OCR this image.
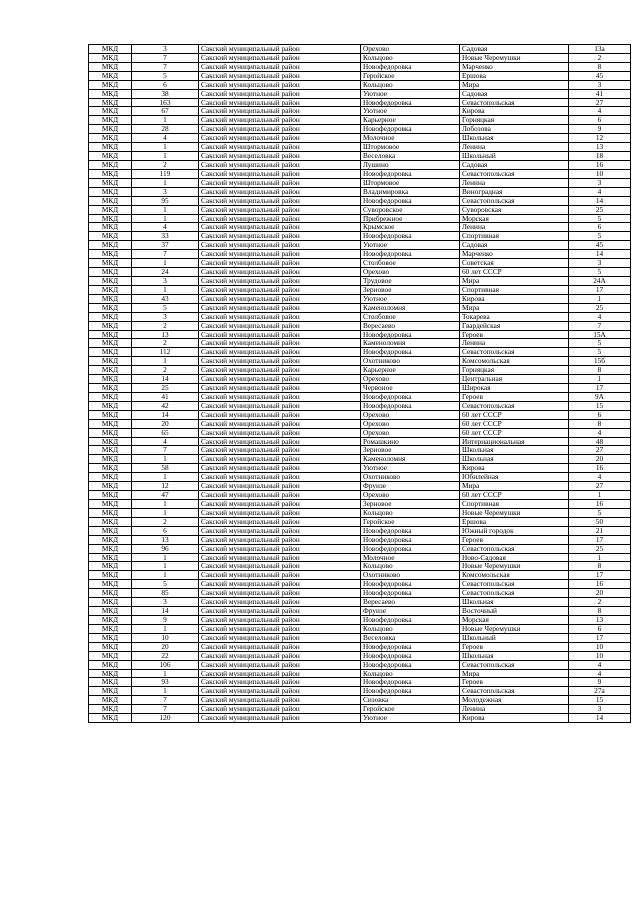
МКД	3	Сакский муниципальный район	Орехово	Садовая	13а
МКД	7	Сакский муниципальный район	Кольцово	Новые Черемушки	2
МКД	7	Сакский муниципальный район	Новофедоровка	Марченко	8
МКД	5	Сакский муниципальный район	Геройское	Ершова	45
МКД	6	Сакский муниципальный район	Кольцово	Мира	3
МКД	38	Сакский муниципальный район	Уютное	Садовая	41
МКД	163	Сакский муниципальный район	Новофедоровка	Севастопольская	27
МКД	67	Сакский муниципальный район	Уютное	Кирова	4
МКД	1	Сакский муниципальный район	Карьерное	Горняцкая	6
МКД	28	Сакский муниципальный район	Новофедоровка	Лобозова	9
МКД	4	Сакский муниципальный район	Молочное	Школьная	12
МКД	1	Сакский муниципальный район	Штормовое	Ленина	13
МКД	1	Сакский муниципальный район	Веселовка	Школьный	18
МКД	2	Сакский муниципальный район	Лушино	Садовая	16
МКД	119	Сакский муниципальный район	Новофедоровка	Севастопольская	10
МКД	1	Сакский муниципальный район	Штормовое	Ленина	3
МКД	3	Сакский муниципальный район	Владимировка	Виноградная	4
МКД	95	Сакский муниципальный район	Новофедоровка	Севастопольская	14
МКД	1	Сакский муниципальный район	Суворовское	Суворовская	25
МКД	1	Сакский муниципальный район	Прибрежное	Морская	5
МКД	4	Сакский муниципальный район	Крымское	Ленина	6
МКД	33	Сакский муниципальный район	Новофедоровка	Спортивная	5
МКД	37	Сакский муниципальный район	Уютное	Садовая	45
МКД	7	Сакский муниципальный район	Новофедоровка	Марченко	14
МКД	1	Сакский муниципальный район	Столбовое	Советская	3
МКД	24	Сакский муниципальный район	Орехово	60 лет СССР	5
МКД	3	Сакский муниципальный район	Трудовое	Мира	24А
МКД	1	Сакский муниципальный район	Зерновое	Спортивная	17
МКД	43	Сакский муниципальный район	Уютное	Кирова	1
МКД	5	Сакский муниципальный район	Каменоломня	Мира	25
МКД	3	Сакский муниципальный район	Столбовое	Токарева	4
МКД	2	Сакский муниципальный район	Вересаево	Гвардейская	7
МКД	13	Сакский муниципальный район	Новофедоровка	Героев	15А
МКД	2	Сакский муниципальный район	Каменоломня	Ленина	5
МКД	112	Сакский муниципальный район	Новофедоровка	Севастопольская	5
МКД	1	Сакский муниципальный район	Охотниково	Комсомольская	15б
МКД	2	Сакский муниципальный район	Карьерное	Горняцкая	8
МКД	14	Сакский муниципальный район	Орехово	Центральная	1
МКД	25	Сакский муниципальный район	Червоное	Широкая	17
МКД	41	Сакский муниципальный район	Новофедоровка	Героев	9А
МКД	42	Сакский муниципальный район	Новофедоровка	Севастопольская	15
МКД	14	Сакский муниципальный район	Орехово	60 лет СССР	6
МКД	20	Сакский муниципальный район	Орехово	60 лет СССР	8
МКД	65	Сакский муниципальный район	Орехово	60 лет СССР	4
МКД	4	Сакский муниципальный район	Ромашкино	Интернациональная	48
МКД	7	Сакский муниципальный район	Зерновое	Школьная	27
МКД	1	Сакский муниципальный район	Каменоломня	Школьная	20
МКД	58	Сакский муниципальный район	Уютное	Кирова	16
МКД	1	Сакский муниципальный район	Охотниково	Юбилейная	4
МКД	12	Сакский муниципальный район	Фрунзе	Мира	27
МКД	47	Сакский муниципальный район	Орехово	60 лет СССР	1
МКД	1	Сакский муниципальный район	Зерновое	Спортивная	16
МКД	1	Сакский муниципальный район	Кольцово	Новые Черемушки	5
МКД	2	Сакский муниципальный район	Геройское	Ершова	50
МКД	6	Сакский муниципальный район	Новофедоровка	Южный городок	21
МКД	13	Сакский муниципальный район	Новофедоровка	Героев	17
МКД	96	Сакский муниципальный район	Новофедоровка	Севастопольская	25
МКД	1	Сакский муниципальный район	Молочное	Ново-Садовая	1
МКД	1	Сакский муниципальный район	Кольцово	Новые Черемушки	8
МКД	1	Сакский муниципальный район	Охотниково	Комсомольская	17
МКД	5	Сакский муниципальный район	Новофедоровка	Севастопольская	16
МКД	85	Сакский муниципальный район	Новофедоровка	Севастопольская	20
МКД	3	Сакский муниципальный район	Вересаево	Школьная	2
МКД	14	Сакский муниципальный район	Фрунзе	Восточный	8
МКД	9	Сакский муниципальный район	Новофедоровка	Морская	13
МКД	1	Сакский муниципальный район	Кольцово	Новые Черемушки	6
МКД	10	Сакский муниципальный район	Веселовка	Школьный	17
МКД	20	Сакский муниципальный район	Новофедоровка	Героев	10
МКД	22	Сакский муниципальный район	Новофедоровка	Школьная	10
МКД	106	Сакский муниципальный район	Новофедоровка	Севастопольская	4
МКД	1	Сакский муниципальный район	Кольцово	Мира	4
МКД	93	Сакский муниципальный район	Новофедоровка	Героев	9
МКД	1	Сакский муниципальный район	Новофедоровка	Севастопольская	27а
МКД	7	Сакский муниципальный район	Сизовка	Молодежная	15
МКД	7	Сакский муниципальный район	Геройское	Ленина	3
МКД	120	Сакский муниципальный район	Уютное	Кирова	14
